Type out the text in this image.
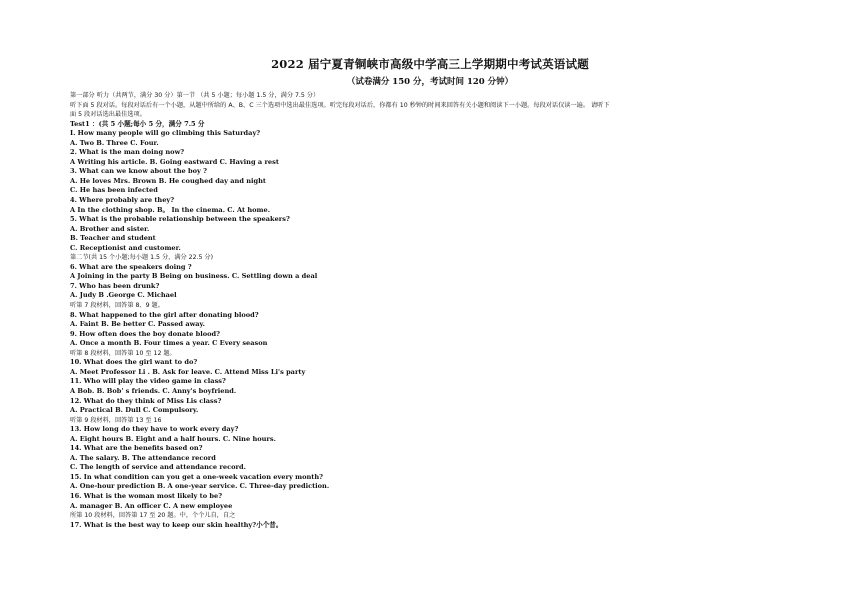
2022 届宁夏青铜峡市高级中学高三上学期期中考试英语试题
（试卷满分 150 分，考试时间 120 分钟）
第一部分 听力（共两节，满分 30 分）第一节 （共 5 小题；每小题 1.5 分，满分 7.5 分）
听下面 5 段对话。每段对话后有一个小题，从题中所给的 A、B、C 三个选项中选出最佳选项。听完每段对话后，你都有 10 秒钟的时间来回答有关小题和阅读下一小题。每段对话仅读一遍。 请听下
面 5 段对话选出最佳选项。
Test1 ：(共 5 小题;每小 5 分，满分 7.5 分
I. How many people will go climbing this Saturday?
A. Two B. Three C. Four.
2. What is the man doing now?
A Writing his article. B. Going eastward C. Having a rest
3. What can we know about the boy ?
A. He loves Mrs. Brown B. He coughed day and night
C. He has been infected
4. Where probably are they?
A In the clothing shop. B。 In the cinema. C. At home.
5. What is the probable relationship between the speakers?
A. Brother and sister.
B. Teacher and student
C. Receptionist and customer.
第二节(共 15 个小题;每小题 1.5 分，满分 22.5 分)
6. What are the speakers doing ?
A Joining in the party B Being on business. C. Settling down a deal
7. Who has been drunk?
A. Judy B .George C. Michael
听第 7 段材料，回答第 8、9 题。
8. What happened to the girl after donating blood?
A. Faint B. Be better C. Passed away.
9. How often does the boy donate blood?
A. Once a month B. Four times a year. C Every season
听第 8 段材料，回答第 10 至 12 题。
10. What does the girl want to do?
A. Meet Professor Li . B. Ask for leave. C. Attend Miss Li's party
11. Who will play the video game in class?
A Bob. B. Bob' s friends. C. Anny's boyfriend.
12. What do they think of Miss Lis class?
A. Practical B. Dull C. Compulsory.
听第 9 段材料，回答第 13 至 16
13. How long do they have to work every day?
A. Eight hours B. Eight and a half hours. C. Nine hours.
14. What are the benefits based on?
A. The salary. B. The attendance record
C. The length of service and attendance record.
15. In what condition can you get a one-week vacation every month?
A. One-hour prediction B. A one-year service. C. Three-day prediction.
16. What is the woman most likely to be?
A. manager B. An officer C. A new employee
所第 10 段材料，回答第 17 至 20 题。中，个个儿自，自之
17. What is the best way to keep our skin healthy?小个昔。
